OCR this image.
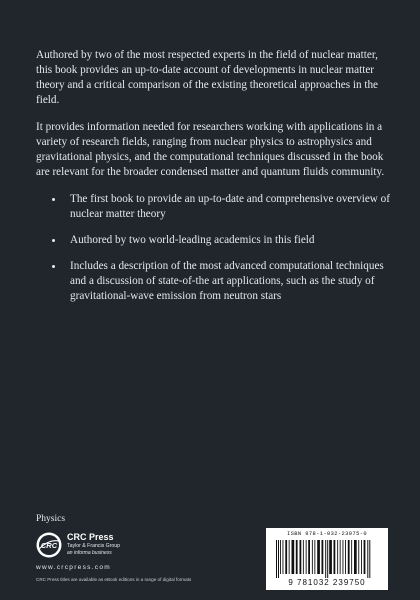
Authored by two of the most respected experts in the field of nuclear matter, this book provides an up-to-date account of developments in nuclear matter theory and a critical comparison of the existing theoretical approaches in the field.

It provides information needed for researchers working with applications in a variety of research fields, ranging from nuclear physics to astrophysics and gravitational physics, and the computational techniques discussed in the book are relevant for the broader condensed matter and quantum fluids community.

The first book to provide an up-to-date and comprehensive overview of nuclear matter theory
Authored by two world-leading academics in this field
Includes a description of the most advanced computational techniques and a discussion of state-of-the art applications, such as the study of gravitational-wave emission from neutron stars
Physics
CRC
CRC Press
Taylor & Francis Group
an informa business
www.crcpress.com
CRC Press titles are available as eBook editions in a range of digital formats
ISBN 978-1-032-23975-0
9 781032 239750
